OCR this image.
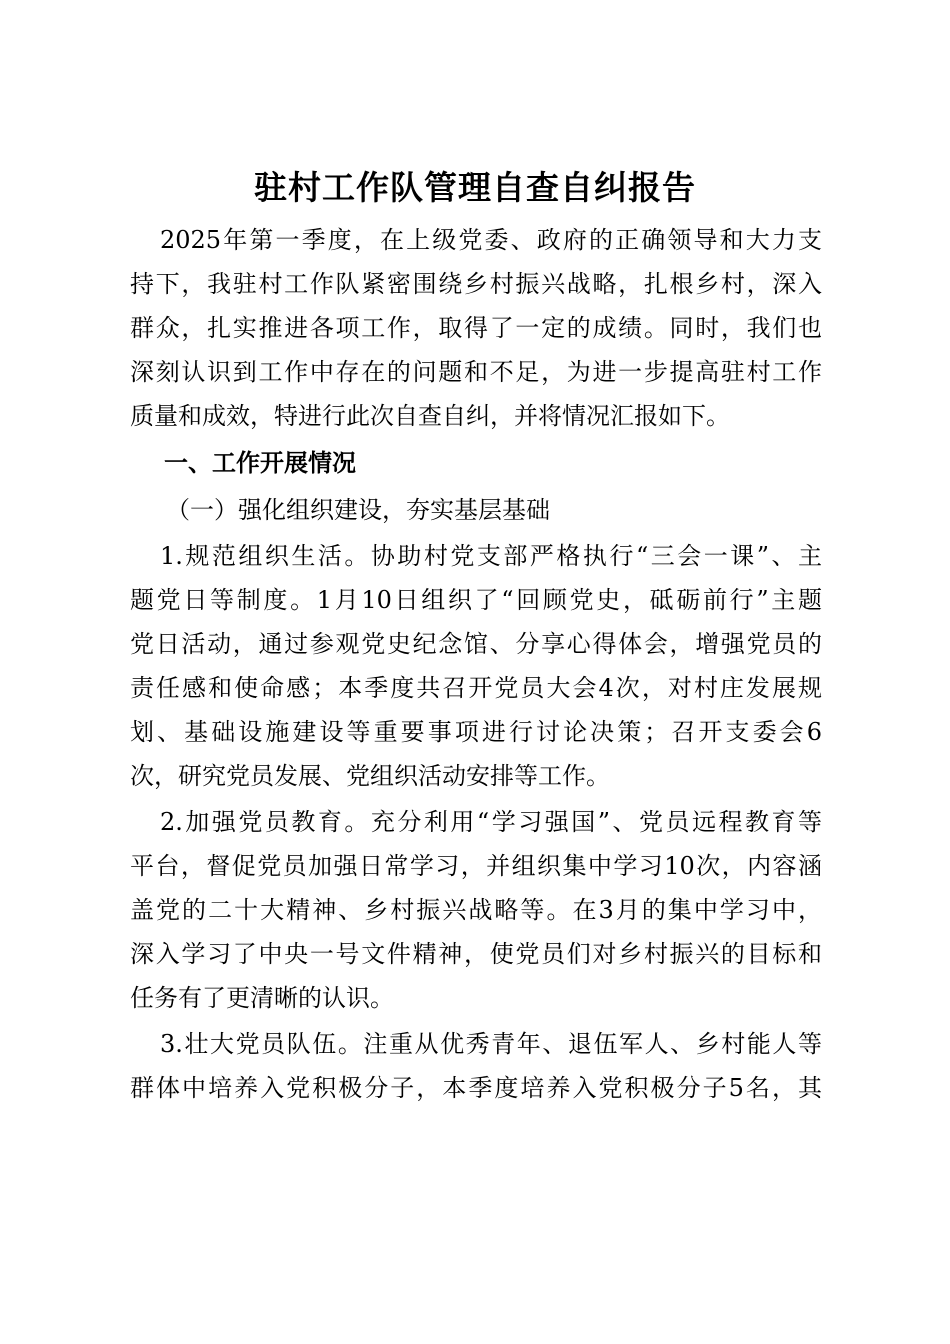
驻村工作队管理自查自纠报告
2025年第一季度，在上级党委、政府的正确领导和大力支
持下，我驻村工作队紧密围绕乡村振兴战略，扎根乡村，深入
群众，扎实推进各项工作，取得了一定的成绩。同时，我们也
深刻认识到工作中存在的问题和不足，为进一步提高驻村工作
质量和成效，特进行此次自查自纠，并将情况汇报如下。
一、工作开展情况
（一）强化组织建设，夯实基层基础
1.规范组织生活。协助村党支部严格执行“三会一课”、主
题党日等制度。1月10日组织了“回顾党史，砥砺前行”主题
党日活动，通过参观党史纪念馆、分享心得体会，增强党员的
责任感和使命感；本季度共召开党员大会4次，对村庄发展规
划、基础设施建设等重要事项进行讨论决策；召开支委会6
次，研究党员发展、党组织活动安排等工作。
2.加强党员教育。充分利用“学习强国”、党员远程教育等
平台，督促党员加强日常学习，并组织集中学习10次，内容涵
盖党的二十大精神、乡村振兴战略等。在3月的集中学习中，
深入学习了中央一号文件精神，使党员们对乡村振兴的目标和
任务有了更清晰的认识。
3.壮大党员队伍。注重从优秀青年、退伍军人、乡村能人等
群体中培养入党积极分子，本季度培养入党积极分子5名，其
